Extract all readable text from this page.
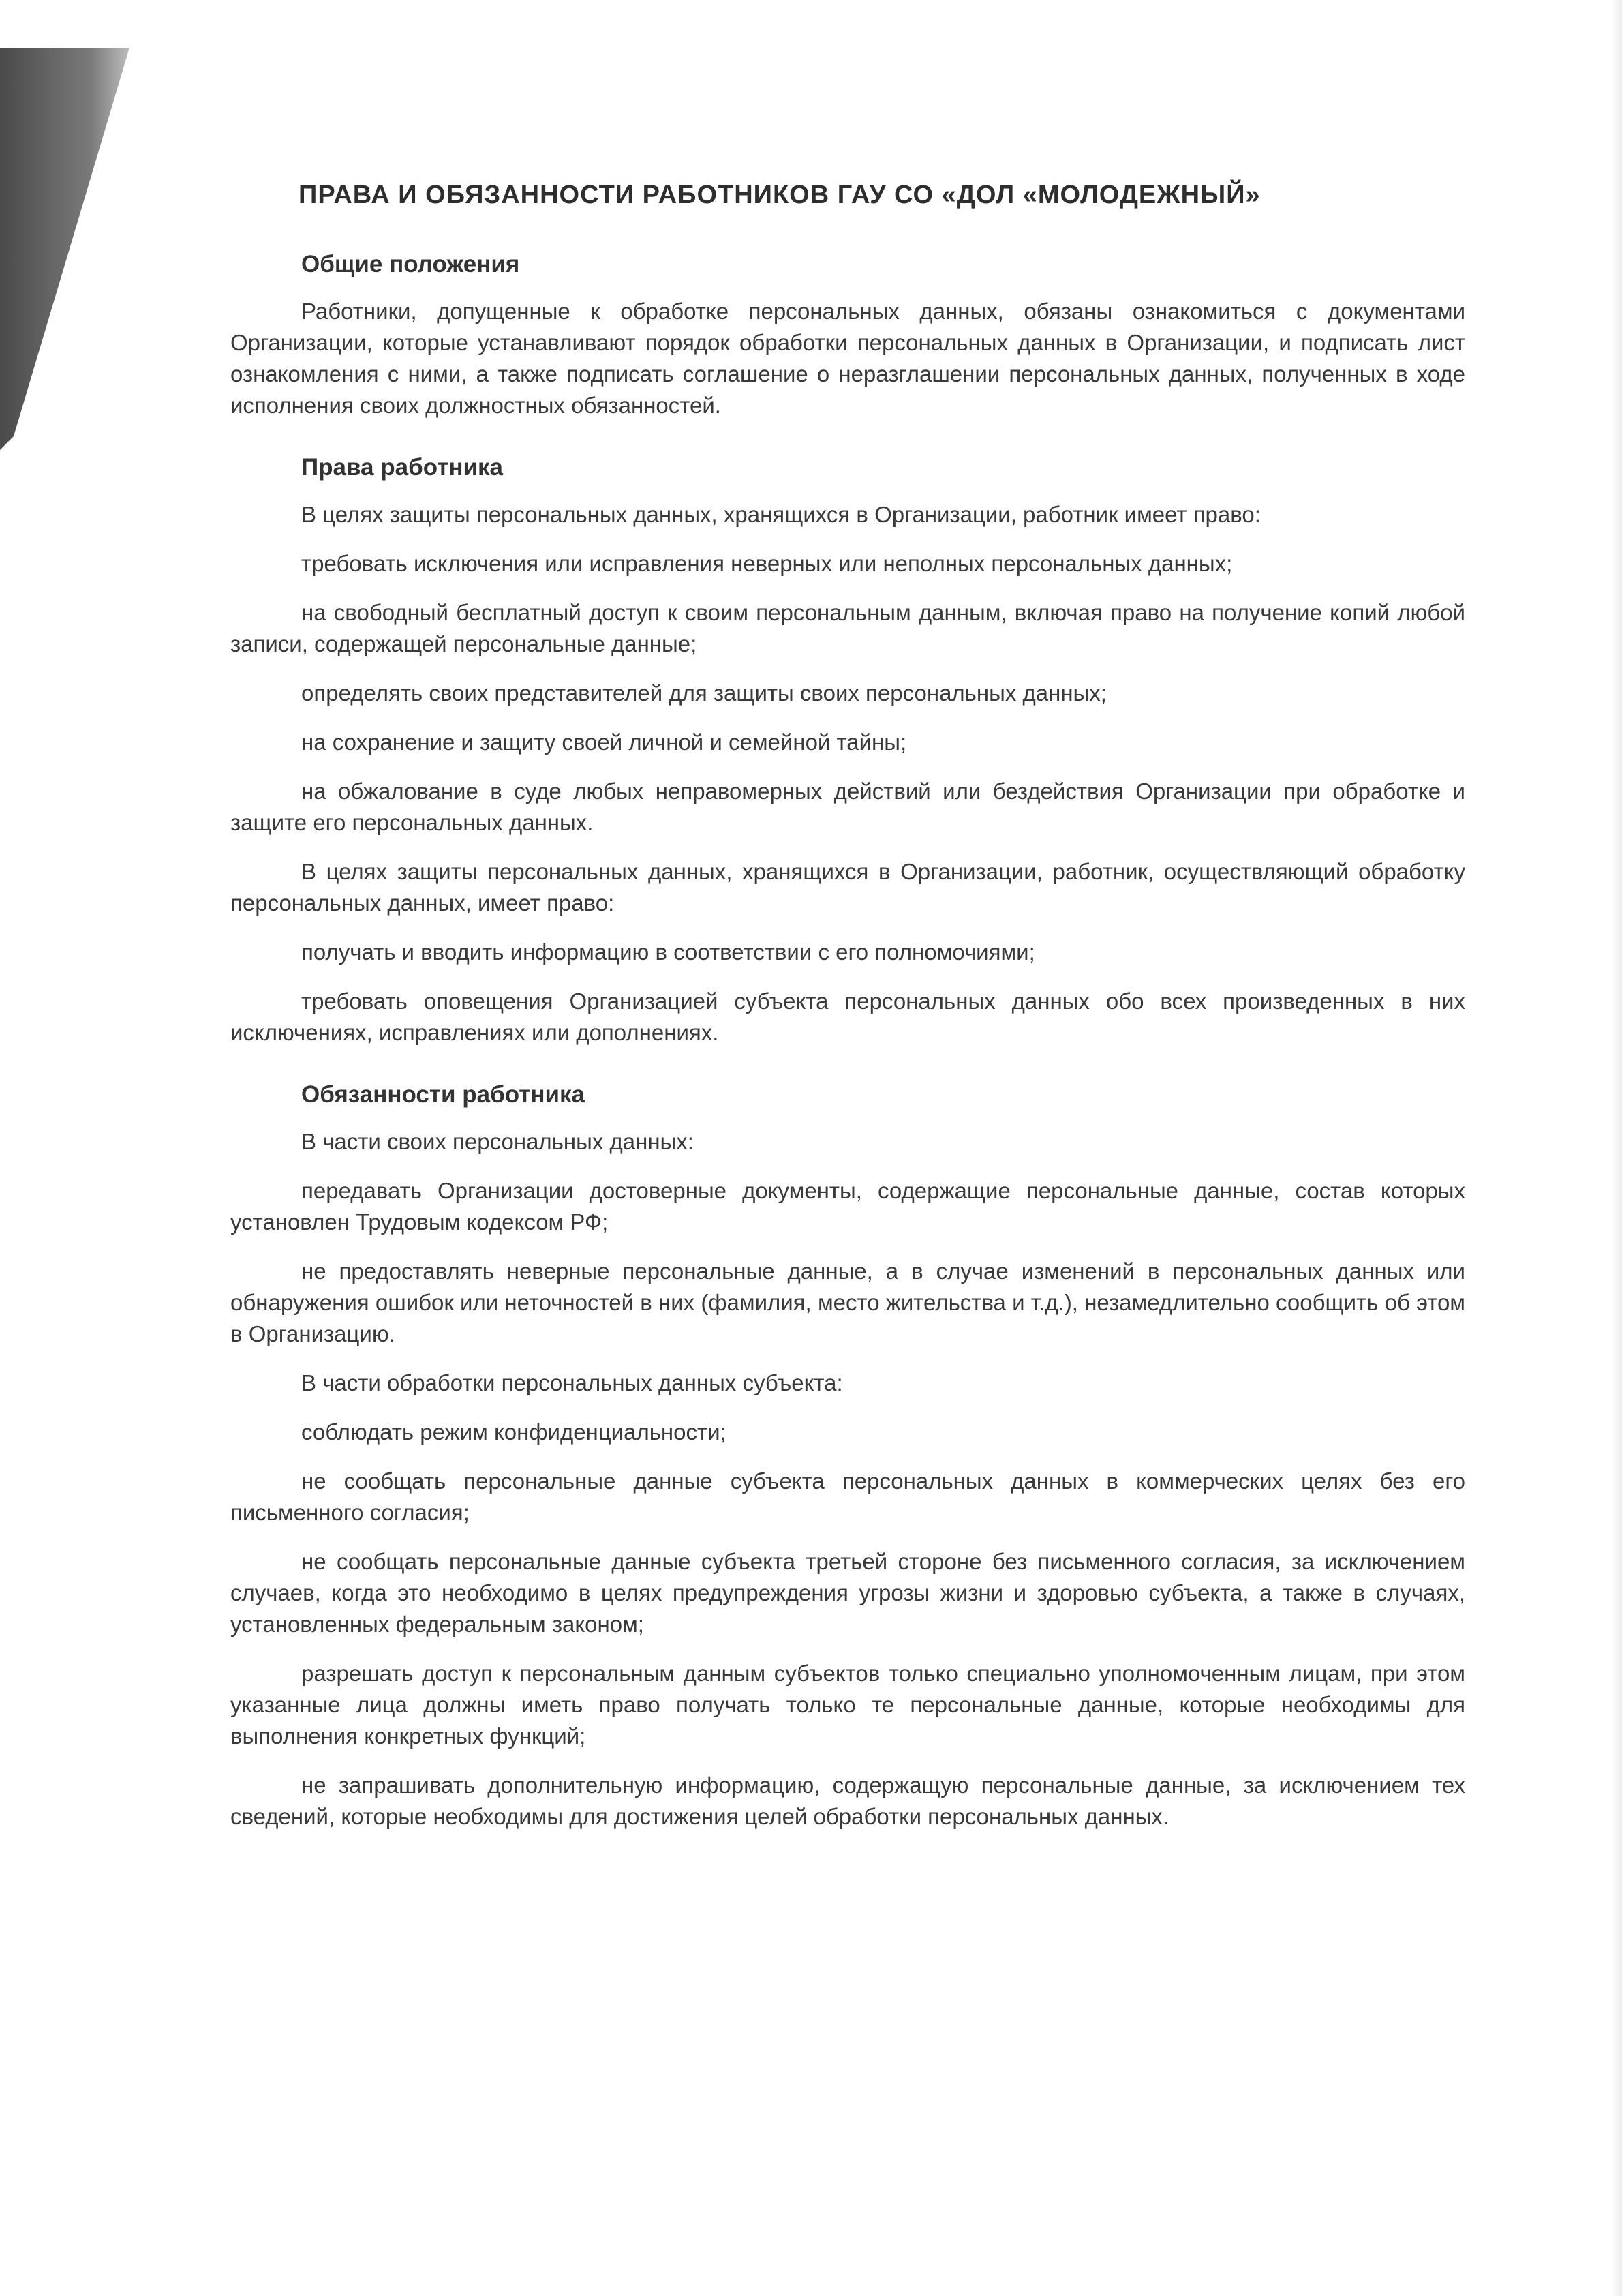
ПРАВА И ОБЯЗАННОСТИ РАБОТНИКОВ ГАУ СО «ДОЛ «МОЛОДЕЖНЫЙ»
Общие положения

Работники, допущенные к обработке персональных данных, обязаны ознакомиться с документами Организации, которые устанавливают порядок обработки персональных данных в Организации, и подписать лист ознакомления с ними, а также подписать соглашение о неразглашении персональных данных, полученных в ходе исполнения своих должностных обязанностей.

Права работника

В целях защиты персональных данных, хранящихся в Организации, работник имеет право:

требовать исключения или исправления неверных или неполных персональных данных;

на свободный бесплатный доступ к своим персональным данным, включая право на получение копий любой записи, содержащей персональные данные;

определять своих представителей для защиты своих персональных данных;

на сохранение и защиту своей личной и семейной тайны;

на обжалование в суде любых неправомерных действий или бездействия Организации при обработке и защите его персональных данных.

В целях защиты персональных данных, хранящихся в Организации, работник, осуществляющий обработку персональных данных, имеет право:

получать и вводить информацию в соответствии с его полномочиями;

требовать оповещения Организацией субъекта персональных данных обо всех произведенных в них исключениях, исправлениях или дополнениях.

Обязанности работника

В части своих персональных данных:

передавать Организации достоверные документы, содержащие персональные данные, состав которых установлен Трудовым кодексом РФ;

не предоставлять неверные персональные данные, а в случае изменений в персональных данных или обнаружения ошибок или неточностей в них (фамилия, место жительства и т.д.), незамедлительно сообщить об этом в Организацию.

В части обработки персональных данных субъекта:

соблюдать режим конфиденциальности;

не сообщать персональные данные субъекта персональных данных в коммерческих целях без его письменного согласия;

не сообщать персональные данные субъекта третьей стороне без письменного согласия, за исключением случаев, когда это необходимо в целях предупреждения угрозы жизни и здоровью субъекта, а также в случаях, установленных федеральным законом;

разрешать доступ к персональным данным субъектов только специально уполномоченным лицам, при этом указанные лица должны иметь право получать только те персональные данные, которые необходимы для выполнения конкретных функций;

не запрашивать дополнительную информацию, содержащую персональные данные, за исключением тех сведений, которые необходимы для достижения целей обработки персональных данных.
